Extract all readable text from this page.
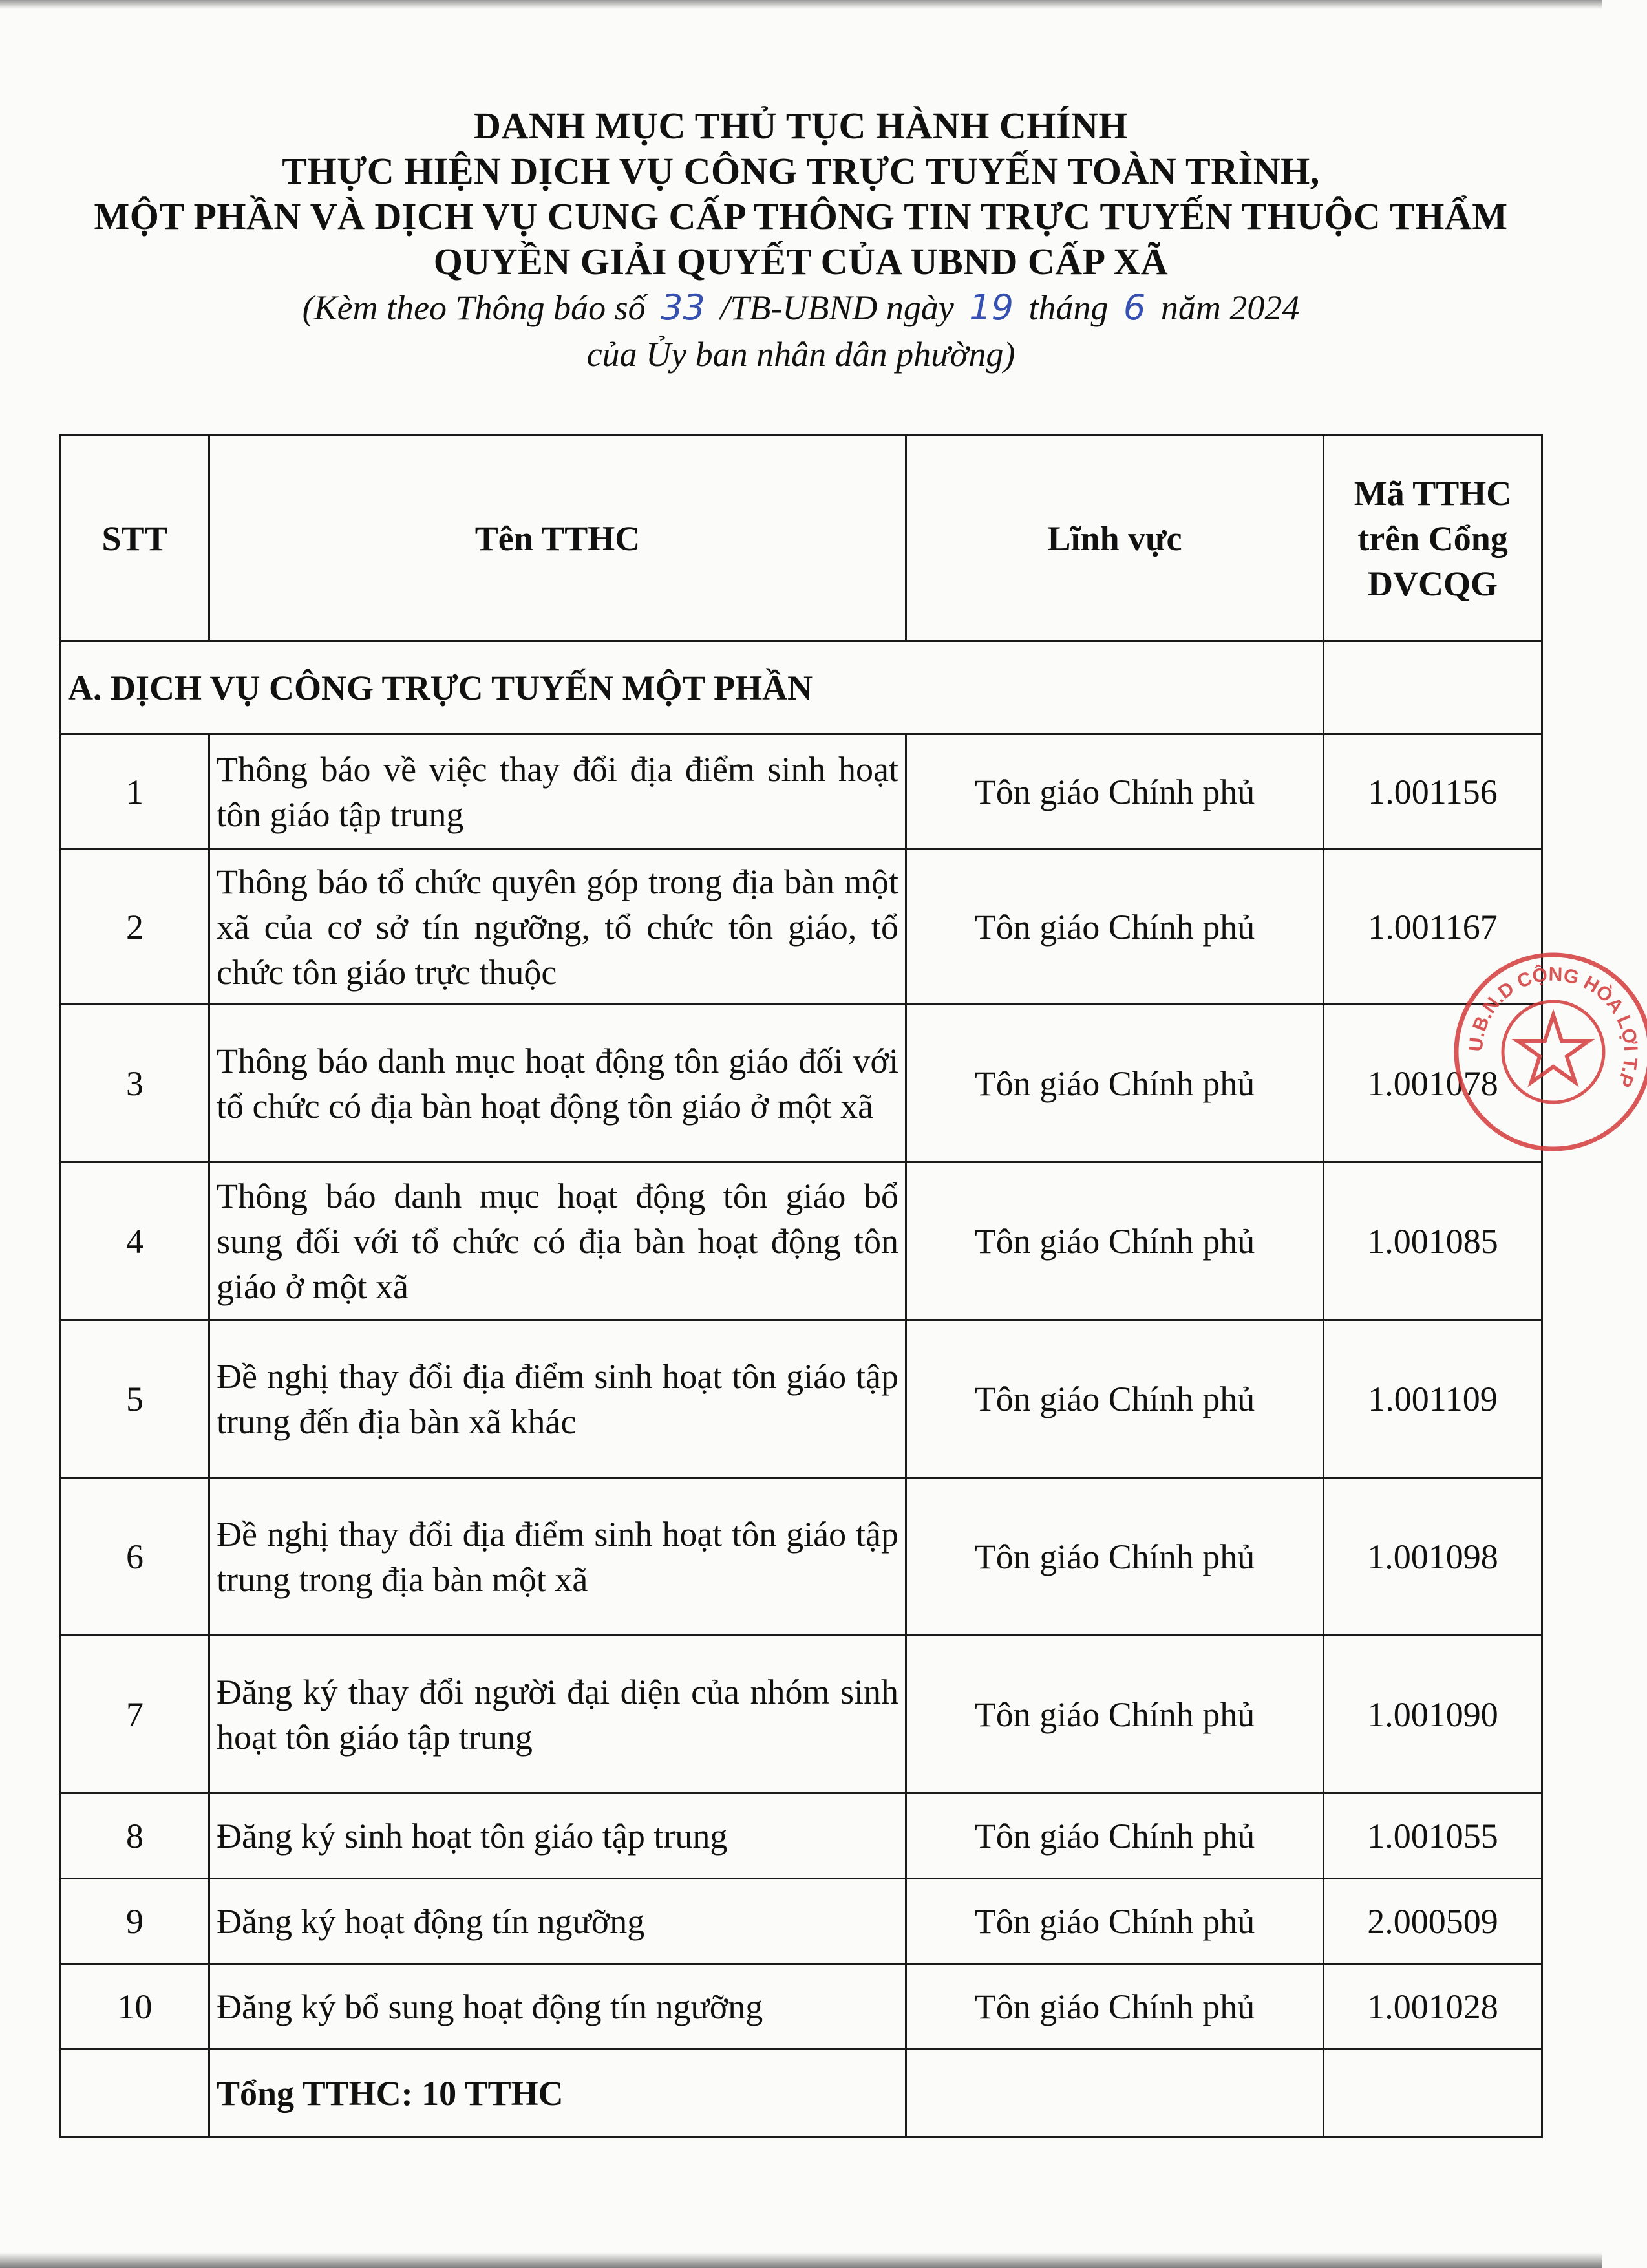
DANH MỤC THỦ TỤC HÀNH CHÍNH
THỰC HIỆN DỊCH VỤ CÔNG TRỰC TUYẾN TOÀN TRÌNH,
MỘT PHẦN VÀ DỊCH VỤ CUNG CẤP THÔNG TIN TRỰC TUYẾN THUỘC THẨM
QUYỀN GIẢI QUYẾT CỦA UBND CẤP XÃ
(Kèm theo Thông báo số 33 /TB-UBND ngày 19 tháng 6 năm 2024
của Ủy ban nhân dân phường)
STT	Tên TTHC	Lĩnh vực	Mã TTHC
trên Cổng
DVCQG

A. DỊCH VỤ CÔNG TRỰC TUYẾN MỘT PHẦN			
1	Thông báo về việc thay đổi địa điểm sinh hoạt tôn giáo tập trung	Tôn giáo Chính phủ	1.001156
2	Thông báo tổ chức quyên góp trong địa bàn một xã của cơ sở tín ngưỡng, tổ chức tôn giáo, tổ chức tôn giáo trực thuộc	Tôn giáo Chính phủ	1.001167
3	Thông báo danh mục hoạt động tôn giáo đối với tổ chức có địa bàn hoạt động tôn giáo ở một xã	Tôn giáo Chính phủ	1.001078
4	Thông báo danh mục hoạt động tôn giáo bổ sung đối với tổ chức có địa bàn hoạt động tôn giáo ở một xã	Tôn giáo Chính phủ	1.001085
5	Đề nghị thay đổi địa điểm sinh hoạt tôn giáo tập trung đến địa bàn xã khác	Tôn giáo Chính phủ	1.001109
6	Đề nghị thay đổi địa điểm sinh hoạt tôn giáo tập trung trong địa bàn một xã	Tôn giáo Chính phủ	1.001098
7	Đăng ký thay đổi người đại diện của nhóm sinh hoạt tôn giáo tập trung	Tôn giáo Chính phủ	1.001090
8	Đăng ký sinh hoạt tôn giáo tập trung	Tôn giáo Chính phủ	1.001055
9	Đăng ký hoạt động tín ngưỡng	Tôn giáo Chính phủ	2.000509
10	Đăng ký bổ sung hoạt động tín ngưỡng	Tôn giáo Chính phủ	1.001028
	Tổng TTHC: 10 TTHC		
U.B.N.D CỘNG HÒA LỢI T.P
